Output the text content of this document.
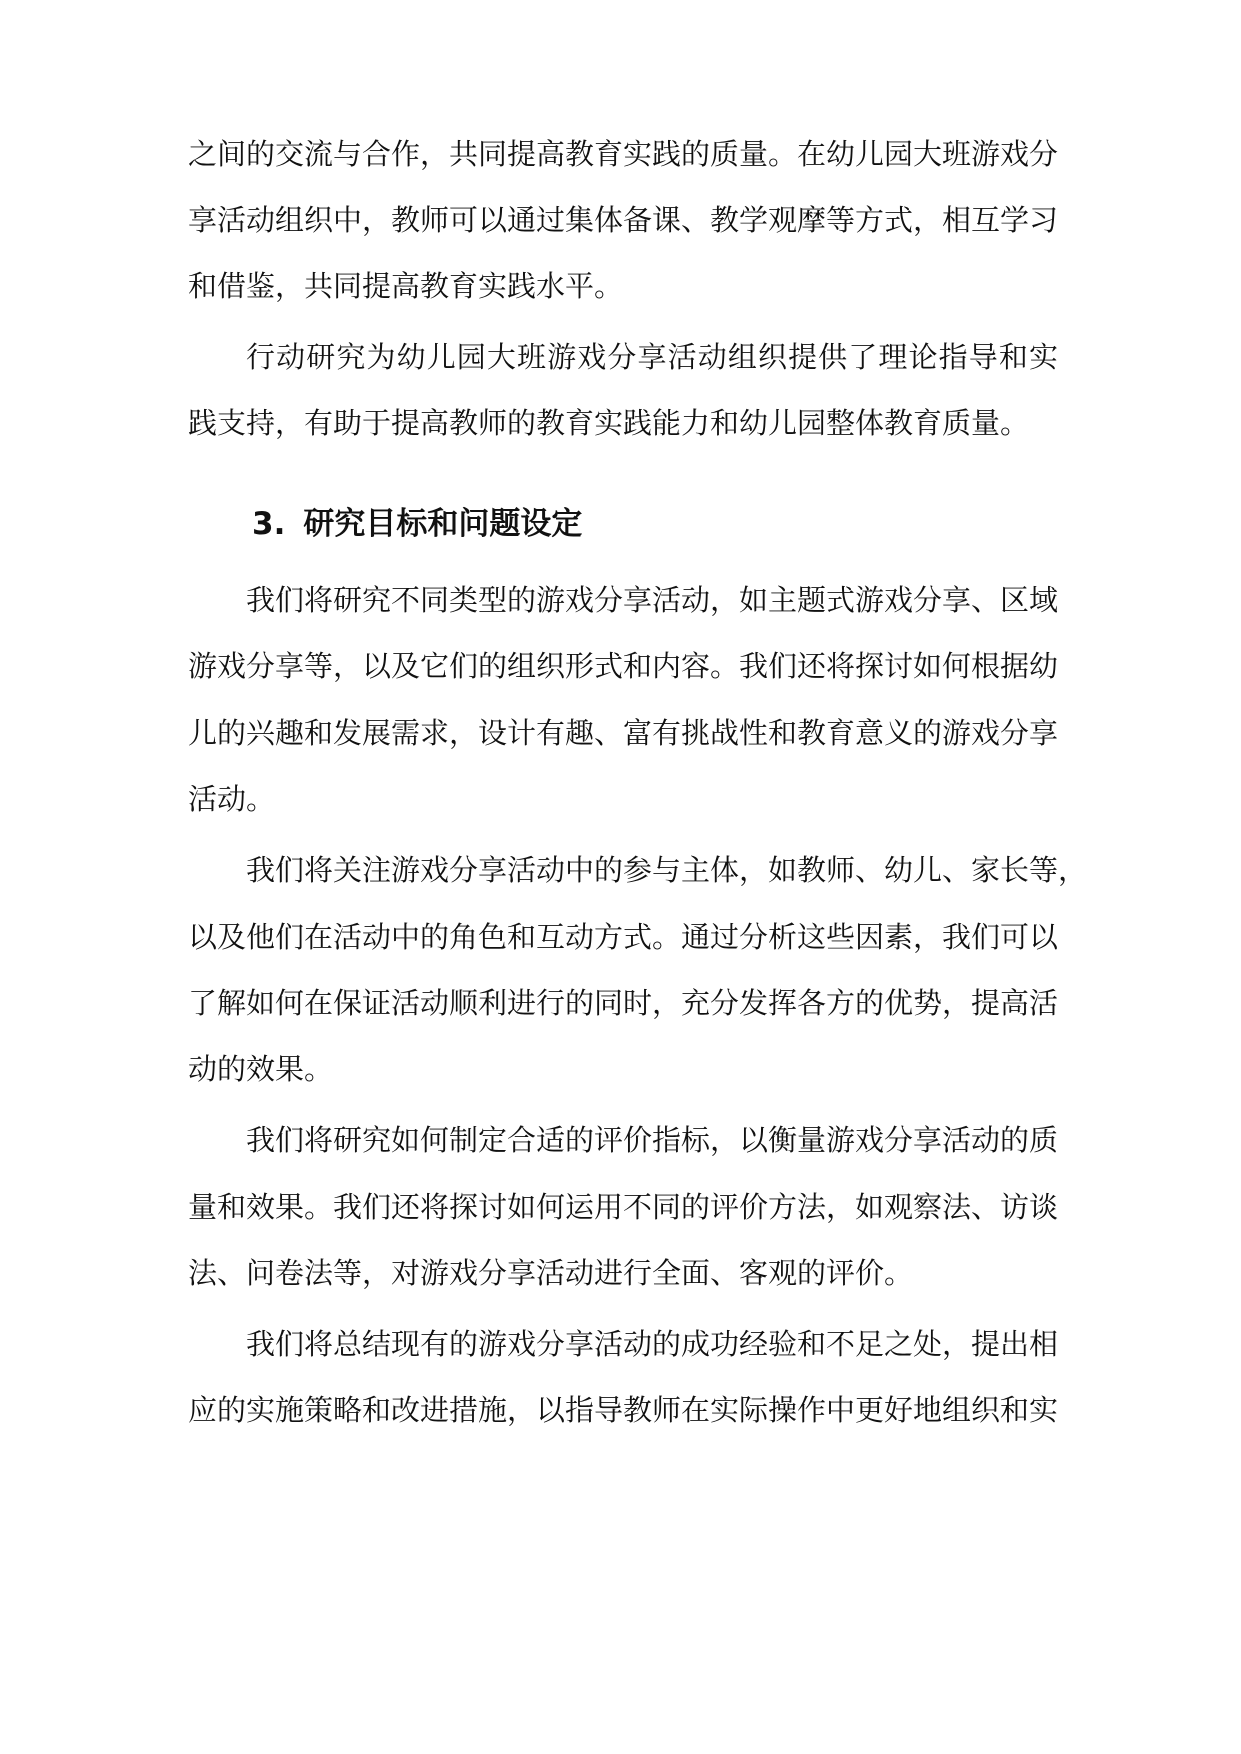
之间的交流与合作，共同提高教育实践的质量。在幼儿园大班游戏分
享活动组织中，教师可以通过集体备课、教学观摩等方式，相互学习
和借鉴，共同提高教育实践水平。
行动研究为幼儿园大班游戏分享活动组织提供了理论指导和实
践支持，有助于提高教师的教育实践能力和幼儿园整体教育质量。
3. 研究目标和问题设定
我们将研究不同类型的游戏分享活动，如主题式游戏分享、区域
游戏分享等，以及它们的组织形式和内容。我们还将探讨如何根据幼
儿的兴趣和发展需求，设计有趣、富有挑战性和教育意义的游戏分享
活动。
我们将关注游戏分享活动中的参与主体，如教师、幼儿、家长等，
以及他们在活动中的角色和互动方式。通过分析这些因素，我们可以
了解如何在保证活动顺利进行的同时，充分发挥各方的优势，提高活
动的效果。
我们将研究如何制定合适的评价指标，以衡量游戏分享活动的质
量和效果。我们还将探讨如何运用不同的评价方法，如观察法、访谈
法、问卷法等，对游戏分享活动进行全面、客观的评价。
我们将总结现有的游戏分享活动的成功经验和不足之处，提出相
应的实施策略和改进措施，以指导教师在实际操作中更好地组织和实
